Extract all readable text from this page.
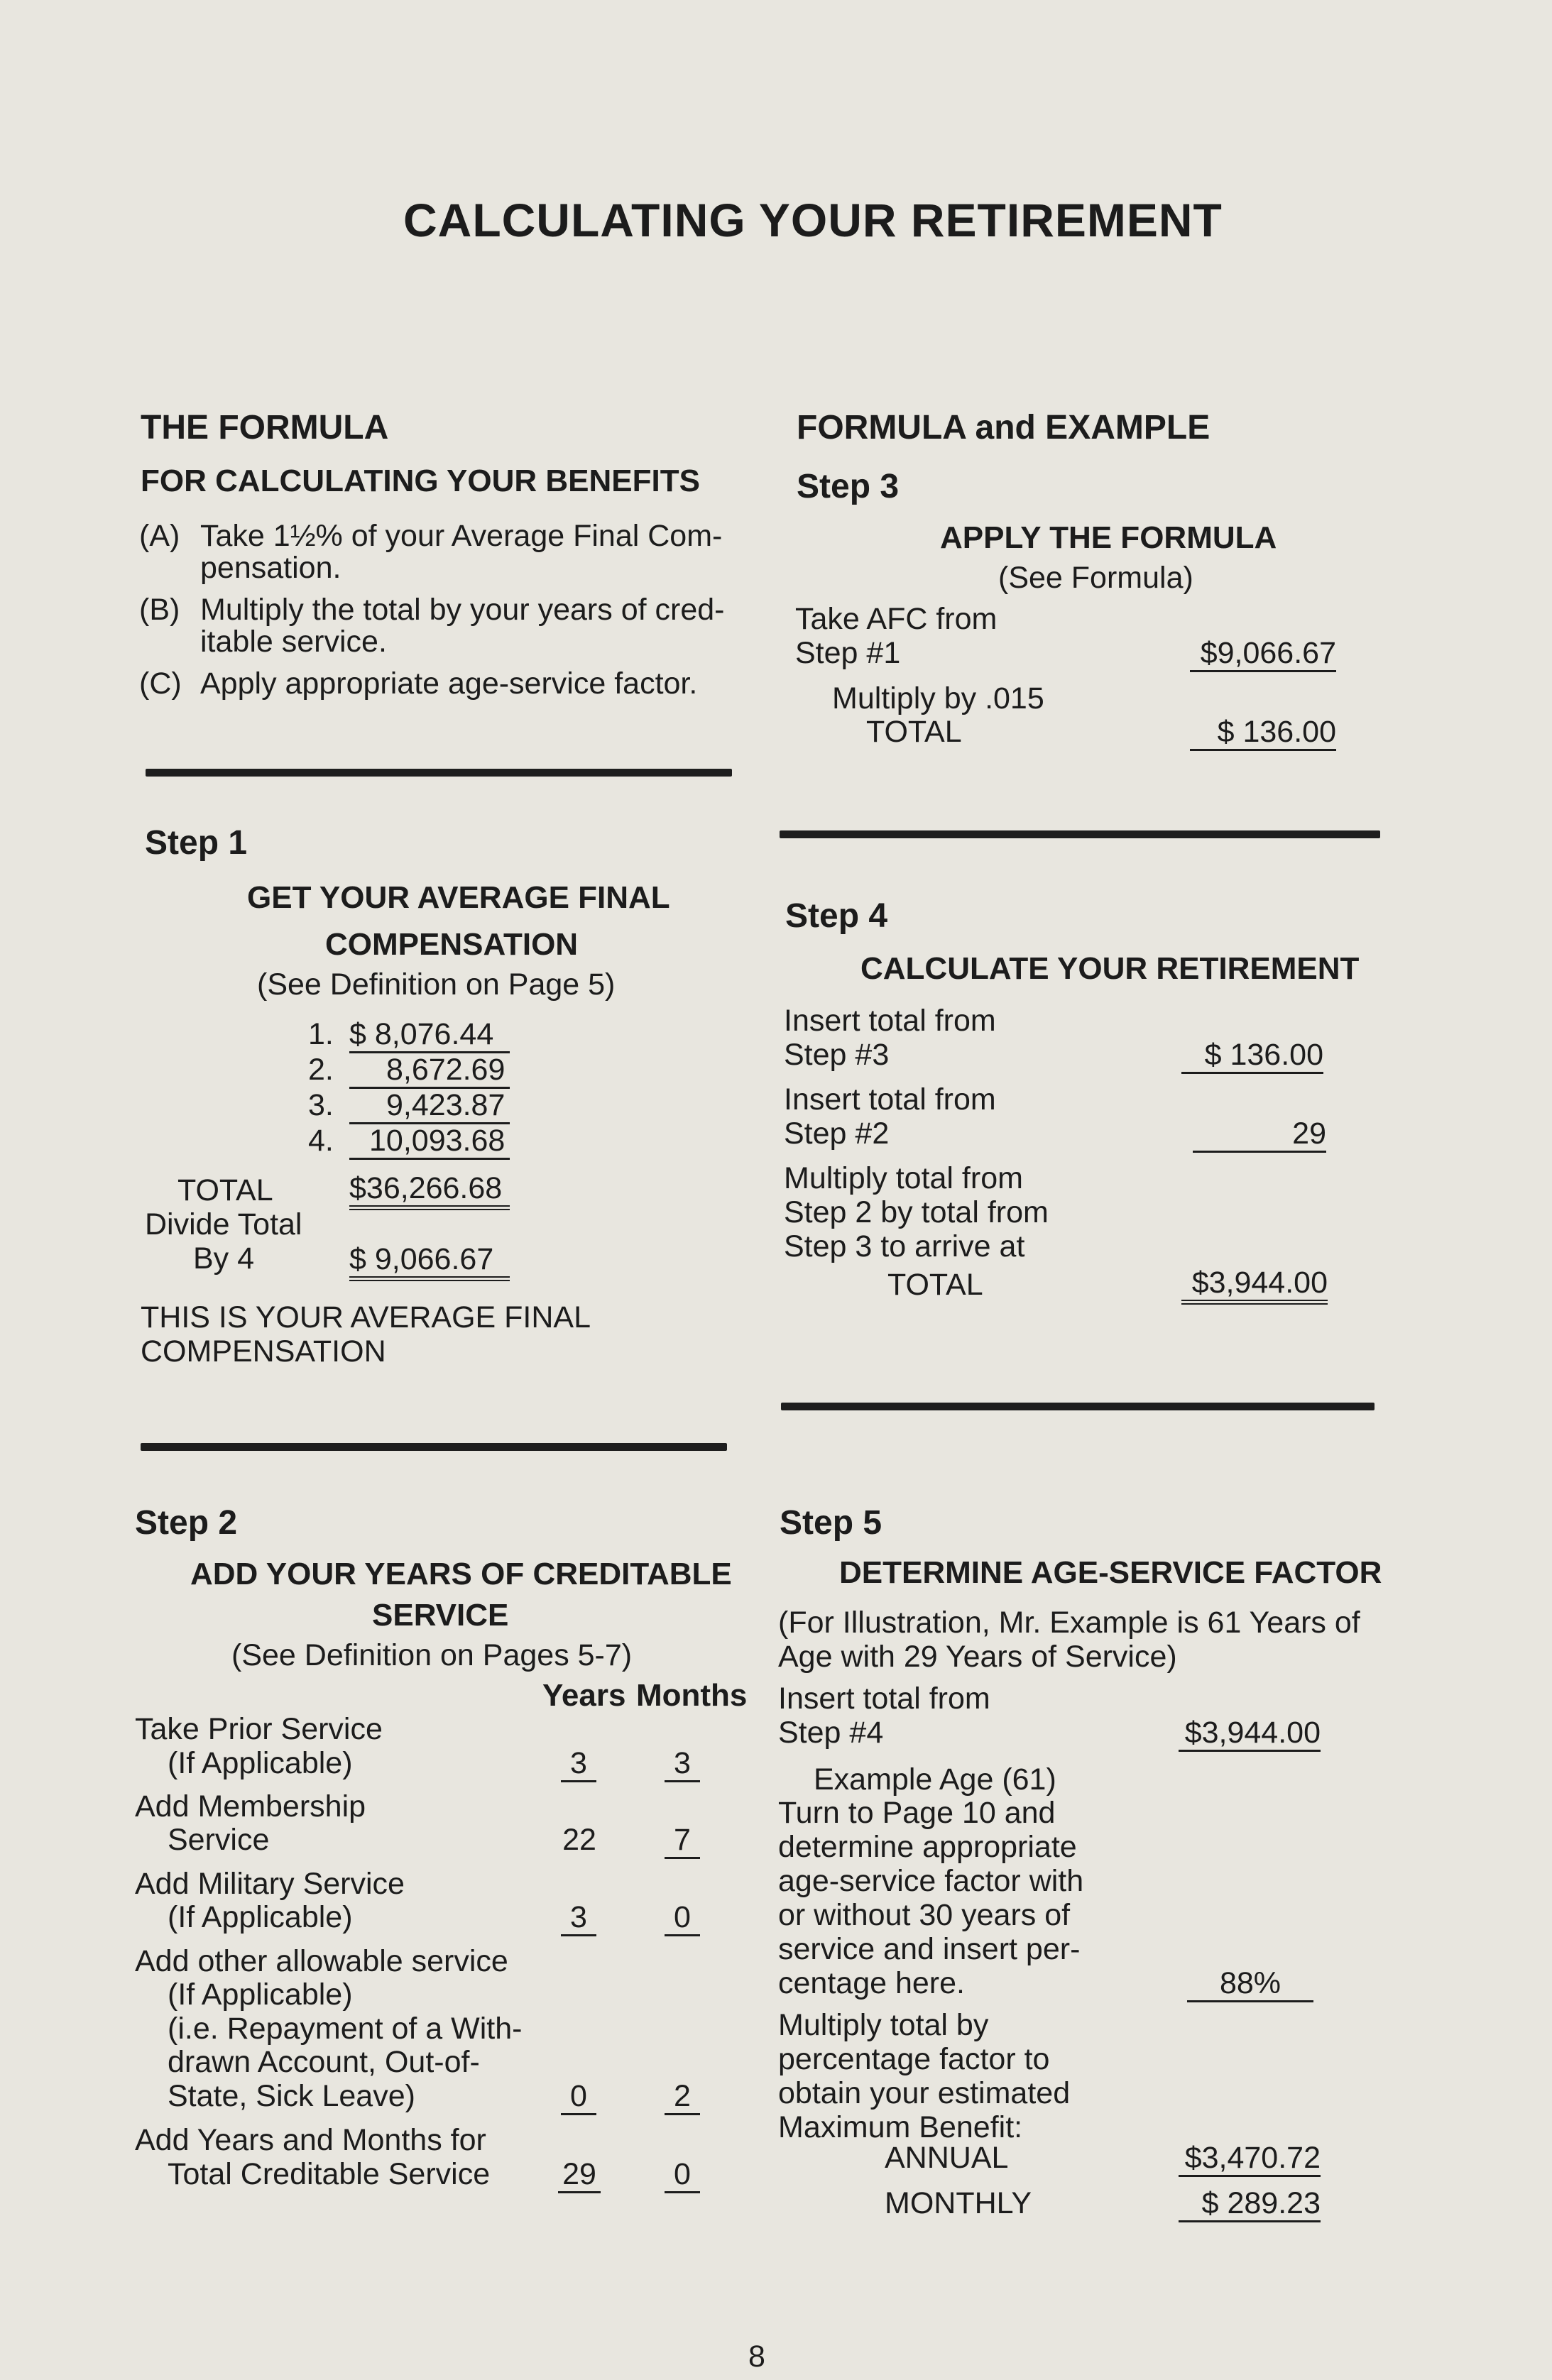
CALCULATING YOUR RETIREMENT
THE FORMULA
FOR CALCULATING YOUR BENEFITS
(A) Take 1½% of your Average Final Com-
pensation.
(B) Multiply the total by your years of cred-
itable service.
(C) Apply appropriate age-service factor.
Step 1
GET YOUR AVERAGE FINAL
COMPENSATION
(See Definition on Page 5)
1. $ 8,076.44
2.	8,672.69
3.	9,423.87
4.	10,093.68
TOTAL $36,266.68
Divide Total
By 4	$ 9,066.67
THIS IS YOUR AVERAGE FINAL
COMPENSATION
Step 2
ADD YOUR YEARS OF CREDITABLE
SERVICE
(See Definition on Pages 5-7)
Years Months
Take Prior Service
(If Applicable)	3	3
Add Membership
Service	22	7
Add Military Service
(If Applicable)	3	0
Add other allowable service
(If Applicable)
(i.e. Repayment of a With-
drawn Account, Out-of-
State, Sick Leave)	0	2
Add Years and Months for
Total Creditable Service 29	0
FORMULA and EXAMPLE
Step 3
APPLY THE FORMULA
(See Formula)
Take AFC from
Step #1	$9,066.67
Multiply by .015
TOTAL	$ 136.00
Step 4
CALCULATE YOUR RETIREMENT
Insert total from
Step #3	$ 136.00
Insert total from
Step #2	29
Multiply total from
Step 2 by total from
Step 3 to arrive at
TOTAL	$3,944.00
Step 5
DETERMINE AGE-SERVICE FACTOR
(For Illustration, Mr. Example is 61 Years of
Age with 29 Years of Service)
Insert total from
Step #4	$3,944.00
Example Age (61)
Turn to Page 10 and
determine appropriate
age-service factor with
or without 30 years of
service and insert per-
centage here.	88%
Multiply total by
percentage factor to
obtain your estimated
Maximum Benefit:
ANNUAL	$3,470.72
MONTHLY	$ 289.23
8
